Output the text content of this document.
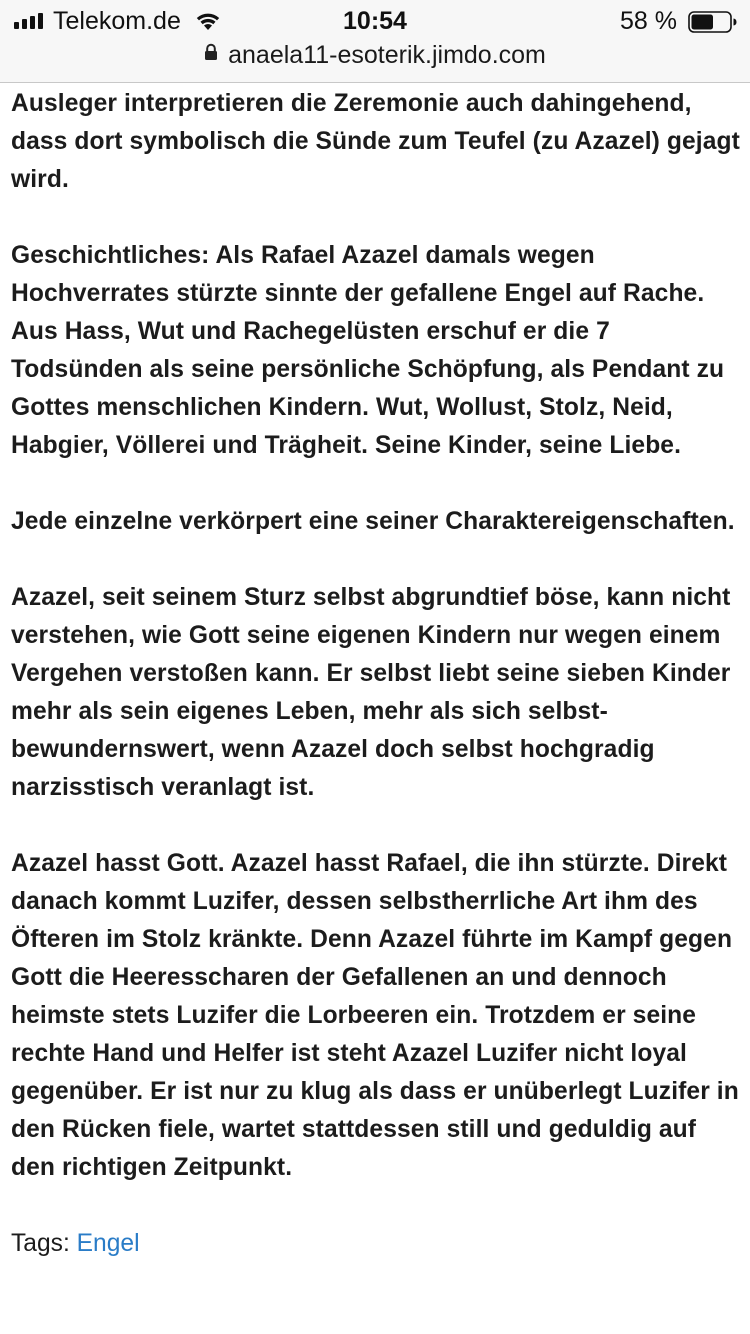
Telekom.de	10:54	58 %
anaela11-esoterik.jimdo.com

Ausleger interpretieren die Zeremonie auch dahingehend, dass dort symbolisch die Sünde zum Teufel (zu Azazel) gejagt wird.

Geschichtliches: Als Rafael Azazel damals wegen Hochverrates stürzte sinnte der gefallene Engel auf Rache. Aus Hass, Wut und Rachegelüsten erschuf er die 7 Todsünden als seine persönliche Schöpfung, als Pendant zu Gottes menschlichen Kindern. Wut, Wollust, Stolz, Neid, Habgier, Völlerei und Trägheit. Seine Kinder, seine Liebe.

Jede einzelne verkörpert eine seiner Charaktereigenschaften.

Azazel, seit seinem Sturz selbst abgrundtief böse, kann nicht verstehen, wie Gott seine eigenen Kindern nur wegen einem Vergehen verstoßen kann. Er selbst liebt seine sieben Kinder mehr als sein eigenes Leben, mehr als sich selbst- bewundernswert, wenn Azazel doch selbst hochgradig narzisstisch veranlagt ist.

Azazel hasst Gott. Azazel hasst Rafael, die ihn stürzte. Direkt danach kommt Luzifer, dessen selbstherrliche Art ihm des Öfteren im Stolz kränkte. Denn Azazel führte im Kampf gegen Gott die Heeresscharen der Gefallenen an und dennoch heimste stets Luzifer die Lorbeeren ein. Trotzdem er seine rechte Hand und Helfer ist steht Azazel Luzifer nicht loyal gegenüber. Er ist nur zu klug als dass er unüberlegt Luzifer in den Rücken fiele, wartet stattdessen still und geduldig auf den richtigen Zeitpunkt.

Tags: Engel
